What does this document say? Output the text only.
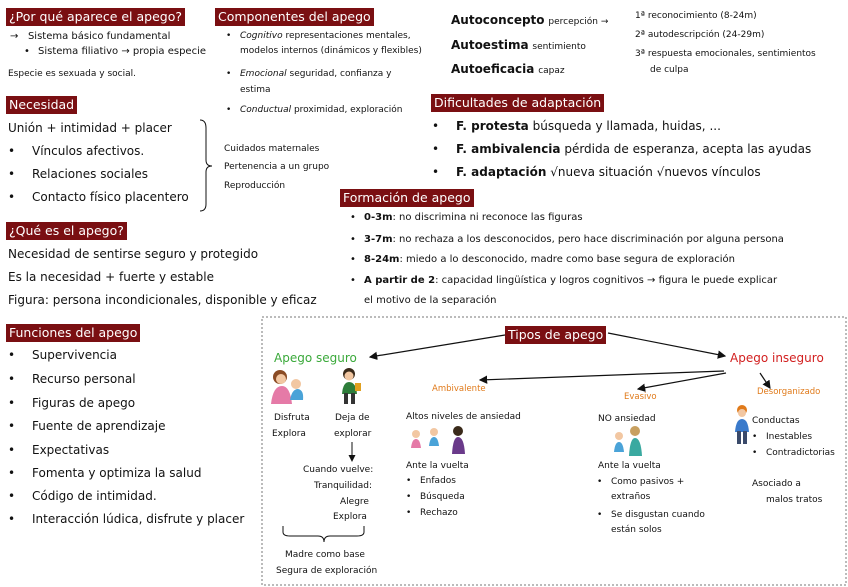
¿Por qué aparece el apego?
→ Sistema básico fundamental
• Sistema filiativo → propia especie
Especie es sexuada y social.
Componentes del apego
• Cognitivo representaciones mentales,
modelos internos (dinámicos y flexibles)
• Emocional seguridad, confianza y
estima
• Conductual proximidad, exploración
Autoconcepto percepción →
Autoestima sentimiento
Autoeficacia capaz
1ª reconocimiento (8-24m)
2ª autodescripción (24-29m)
3ª respuesta emocionales, sentimientos
de culpa
Necesidad
Unión + intimidad + placer
• Vínculos afectivos.
• Relaciones sociales
• Contacto físico placentero
Cuidados maternales
Pertenencia a un grupo
Reproducción
Dificultades de adaptación
• F. protesta búsqueda y llamada, huidas, ...
• F. ambivalencia pérdida de esperanza, acepta las ayudas
• F. adaptación √nueva situación √nuevos vínculos
Formación de apego
• 0-3m: no discrimina ni reconoce las figuras
• 3-7m: no rechaza a los desconocidos, pero hace discriminación por alguna persona
• 8-24m: miedo a lo desconocido, madre como base segura de exploración
• A partir de 2: capacidad lingüística y logros cognitivos → figura le puede explicar
el motivo de la separación
¿Qué es el apego?
Necesidad de sentirse seguro y protegido
Es la necesidad + fuerte y estable
Figura: persona incondicionales, disponible y eficaz
Funciones del apego
• Supervivencia
• Recurso personal
• Figuras de apego
• Fuente de aprendizaje
• Expectativas
• Fomenta y optimiza la salud
• Código de intimidad.
• Interacción lúdica, disfrute y placer
Tipos de apego
Apego seguro
Disfruta
Explora
Deja de
explorar
Cuando vuelve:
Tranquilidad:
Alegre
Explora
Madre como base
Segura de exploración
Apego inseguro
Ambivalente
Altos niveles de ansiedad
Ante la vuelta
• Enfados
• Búsqueda
• Rechazo
Evasivo
NO ansiedad
Ante la vuelta
• Como pasivos +
extraños
• Se disgustan cuando
están solos
Desorganizado
Conductas
• Inestables
• Contradictorias
Asociado a
malos tratos
